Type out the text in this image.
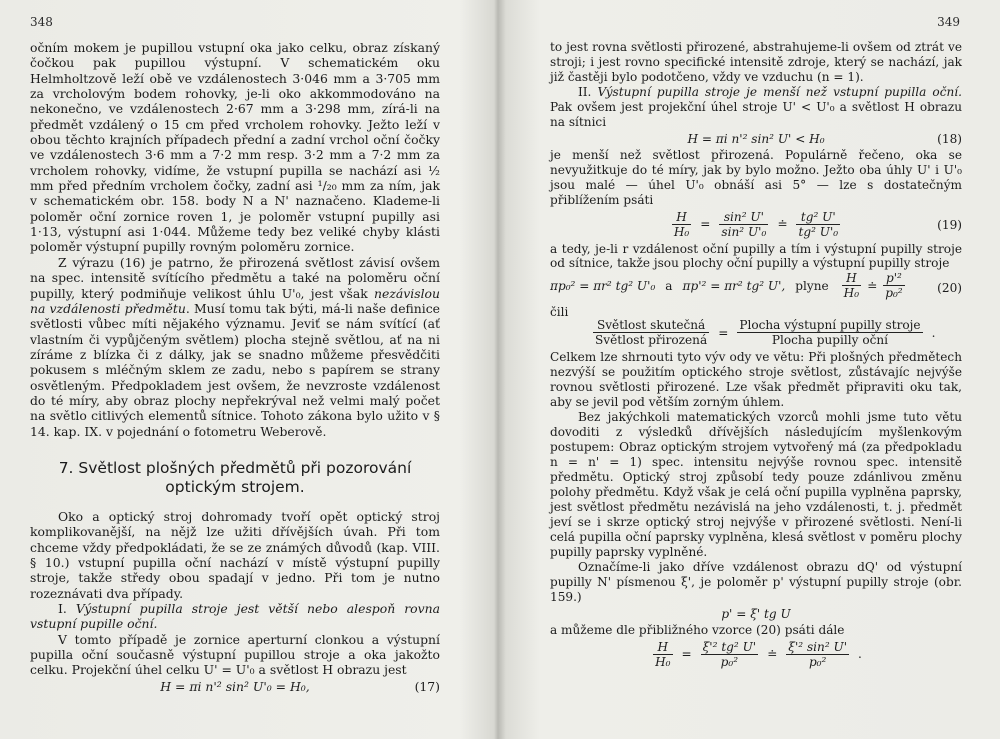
348

očním mokem je pupillou vstupní oka jako celku, obraz získaný čočkou pak pupillou výstupní. V schematickém oku Helmholtzově leží obě ve vzdálenostech 3·046 mm a 3·705 mm za vrcholovým bodem rohovky, je-li oko akkommodováno na nekonečno, ve vzdálenostech 2·67 mm a 3·298 mm, zírá-li na předmět vzdálený o 15 cm před vrcholem rohovky. Ježto leží v obou těchto krajních případech přední a zadní vrchol oční čočky ve vzdálenostech 3·6 mm a 7·2 mm resp. 3·2 mm a 7·2 mm za vrcholem rohovky, vidíme, že vstupní pupilla se nachází asi ½ mm před předním vrcholem čočky, zadní asi ¹/₂₀ mm za ním, jak v schematickém obr. 158. body N a N' naznačeno. Klademe-li poloměr oční zornice roven 1, je poloměr vstupní pupilly asi 1·13, výstupní asi 1·044. Můžeme tedy bez veliké chyby klásti poloměr výstupní pupilly rovným poloměru zornice.

Z výrazu (16) je patrno, že přirozená světlost závisí ovšem na spec. intensitě svítícího předmětu a také na poloměru oční pupilly, který podmiňuje velikost úhlu U'₀, jest však nezávislou na vzdálenosti předmětu. Musí tomu tak býti, má-li naše definice světlosti vůbec míti nějakého významu. Jeviť se nám svítící (ať vlastním či vypůjčeným světlem) plocha stejně světlou, ať na ni zíráme z blízka či z dálky, jak se snadno můžeme přesvědčiti pokusem s mléčným sklem ze zadu, nebo s papírem se strany osvětleným. Předpokladem jest ovšem, že nevzroste vzdálenost do té míry, aby obraz plochy nepřekrýval než velmi malý počet na světlo citlivých elementů sítnice. Tohoto zákona bylo užito v § 14. kap. IX. v pojednání o fotometru Weberově.

7. Světlost plošných předmětů při pozorování
optickým strojem.

Oko a optický stroj dohromady tvoří opět optický stroj komplikovanější, na nějž lze užiti dřívějších úvah. Při tom chceme vždy předpokládati, že se ze známých důvodů (kap. VIII. § 10.) vstupní pupilla oční nachází v místě výstupní pupilly stroje, takže středy obou spadají v jedno. Při tom je nutno rozeznávati dva případy.

I. Výstupní pupilla stroje jest větší nebo alespoň rovna vstupní pupille oční.

V tomto případě je zornice aperturní clonkou a výstupní pupilla oční současně výstupní pupillou stroje a oka jakožto celku. Projekční úhel celku U' = U'₀ a světlost H obrazu jest

H = πi n'² sin² U'₀ = H₀,	(17)
349

to jest rovna světlosti přirozené, abstrahujeme-li ovšem od ztrát ve stroji; i jest rovno specifické intensitě zdroje, který se nachází, jak již častěji bylo podotčeno, vždy ve vzduchu (n = 1).

II. Výstupní pupilla stroje je menší než vstupní pupilla oční. Pak ovšem jest projekční úhel stroje U' < U'₀ a světlost H obrazu na sítnici

H = πi n'² sin² U' < H₀	(18)

je menší než světlost přirozená. Populárně řečeno, oka se nevyužitkuje do té míry, jak by bylo možno. Ježto oba úhly U' i U'₀ jsou malé — úhel U'₀ obnáší asi 5° — lze s dostatečným přiblížením psáti

$\frac{H}{\text{H₀}} = \frac{\text{sin² U'}}{\text{sin² U'₀}}$ ≐ $\frac{\text{tg² U'}}{\text{tg² U'₀}}$	(19)

a tedy, je-li r vzdálenost oční pupilly a tím i výstupní pupilly stroje od sítnice, takže jsou plochy oční pupilly a výstupní pupilly stroje

πp₀² = πr² tg² U'₀ a πp'² = πr² tg² U', plyne $\frac{H}{\text{H₀}}$ ≐ $\frac{\text{p'²}}{\text{p₀²}}$	(20)

čili

$\frac{\text{Světlost skutečná}}{\text{Světlost přirozená}} = \frac{\text{Plocha výstupní pupilly stroje}}{\text{Plocha pupilly oční}}$ .

Celkem lze shrnouti tyto výv ody ve větu: Při plošných předmětech nezvýší se použitím optického stroje světlost, zůstávajíc nejvýše rovnou světlosti přirozené. Lze však předmět připraviti oku tak, aby se jevil pod větším zorným úhlem.

Bez jakýchkoli matematických vzorců mohli jsme tuto větu dovoditi z výsledků dřívějších následujícím myšlenkovým postupem: Obraz optickým strojem vytvořený má (za předpokladu n = n' = 1) spec. intensitu nejvýše rovnou spec. intensitě předmětu. Optický stroj způsobí tedy pouze zdánlivou změnu polohy předmětu. Když však je celá oční pupilla vyplněna paprsky, jest světlost předmětu nezávislá na jeho vzdálenosti, t. j. předmět jeví se i skrze optický stroj nejvýše v přirozené světlosti. Není-li celá pupilla oční paprsky vyplněna, klesá světlost v poměru plochy pupilly paprsky vyplněné.

Označíme-li jako dříve vzdálenost obrazu dQ' od výstupní pupilly N' písmenou ξ', je poloměr p' výstupní pupilly stroje (obr. 159.)

p' = ξ' tg U

a můžeme dle přibližného vzorce (20) psáti dále

$\frac{H}{\text{H₀}} = \frac{\text{ξ'² tg² U'}}{\text{p₀²}}$ ≐ $\frac{\text{ξ'² sin² U'}}{\text{p₀²}}$ .
